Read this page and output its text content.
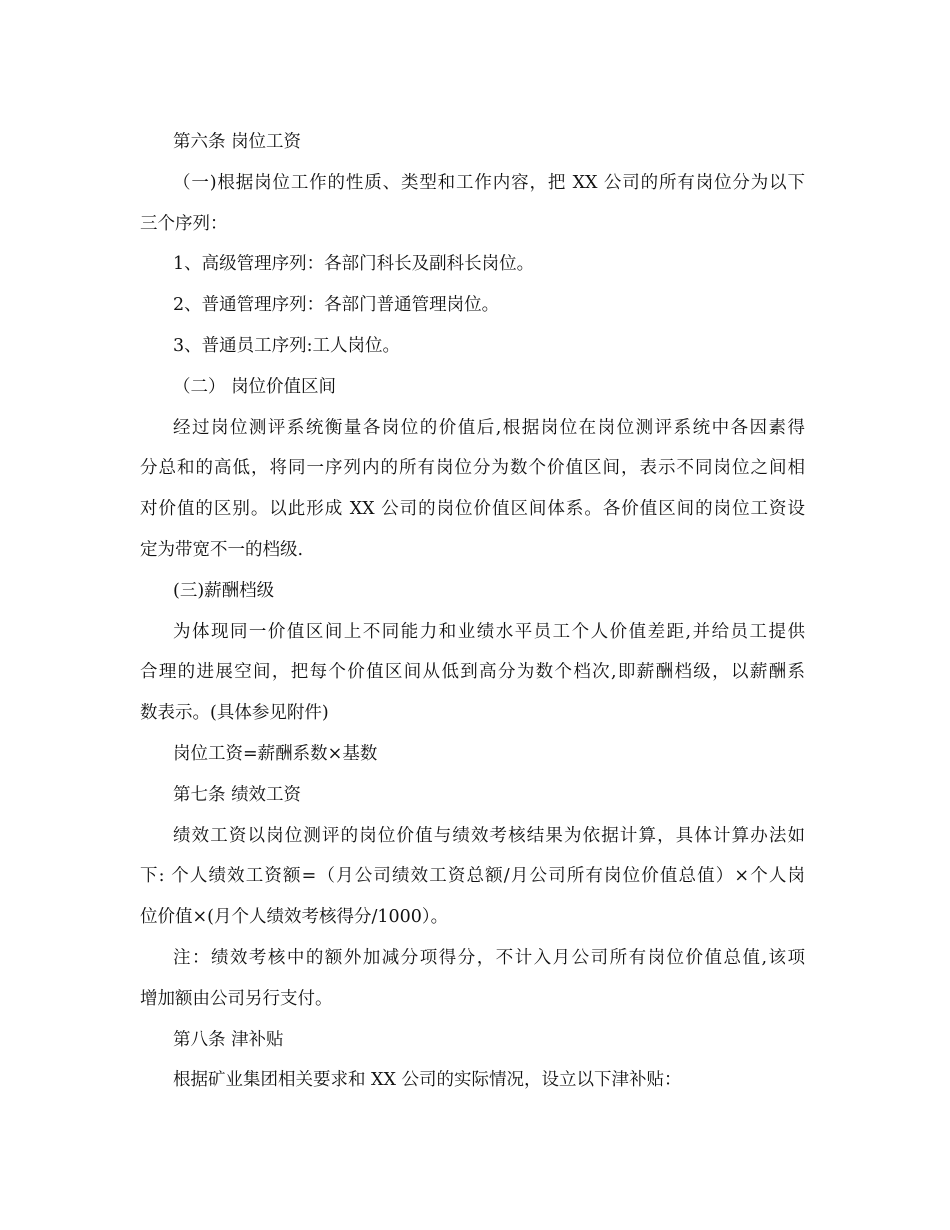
第六条 岗位工资
（一)根据岗位工作的性质、类型和工作内容，把 XX 公司的所有岗位分为以下
三个序列：
1、高级管理序列：各部门科长及副科长岗位。
2、普通管理序列：各部门普通管理岗位。
3、普通员工序列:工人岗位。
（二） 岗位价值区间
经过岗位测评系统衡量各岗位的价值后,根据岗位在岗位测评系统中各因素得
分总和的高低，将同一序列内的所有岗位分为数个价值区间，表示不同岗位之间相
对价值的区别。以此形成 XX 公司的岗位价值区间体系。各价值区间的岗位工资设
定为带宽不一的档级.
(三)薪酬档级
为体现同一价值区间上不同能力和业绩水平员工个人价值差距,并给员工提供
合理的进展空间，把每个价值区间从低到高分为数个档次,即薪酬档级，以薪酬系
数表示。(具体参见附件)
岗位工资=薪酬系数×基数
第七条 绩效工资
绩效工资以岗位测评的岗位价值与绩效考核结果为依据计算，具体计算办法如
下: 个人绩效工资额=（月公司绩效工资总额/月公司所有岗位价值总值）×个人岗
位价值×(月个人绩效考核得分/1000）。
注：绩效考核中的额外加减分项得分，不计入月公司所有岗位价值总值,该项
增加额由公司另行支付。
第八条 津补贴
根据矿业集团相关要求和 XX 公司的实际情况，设立以下津补贴：
